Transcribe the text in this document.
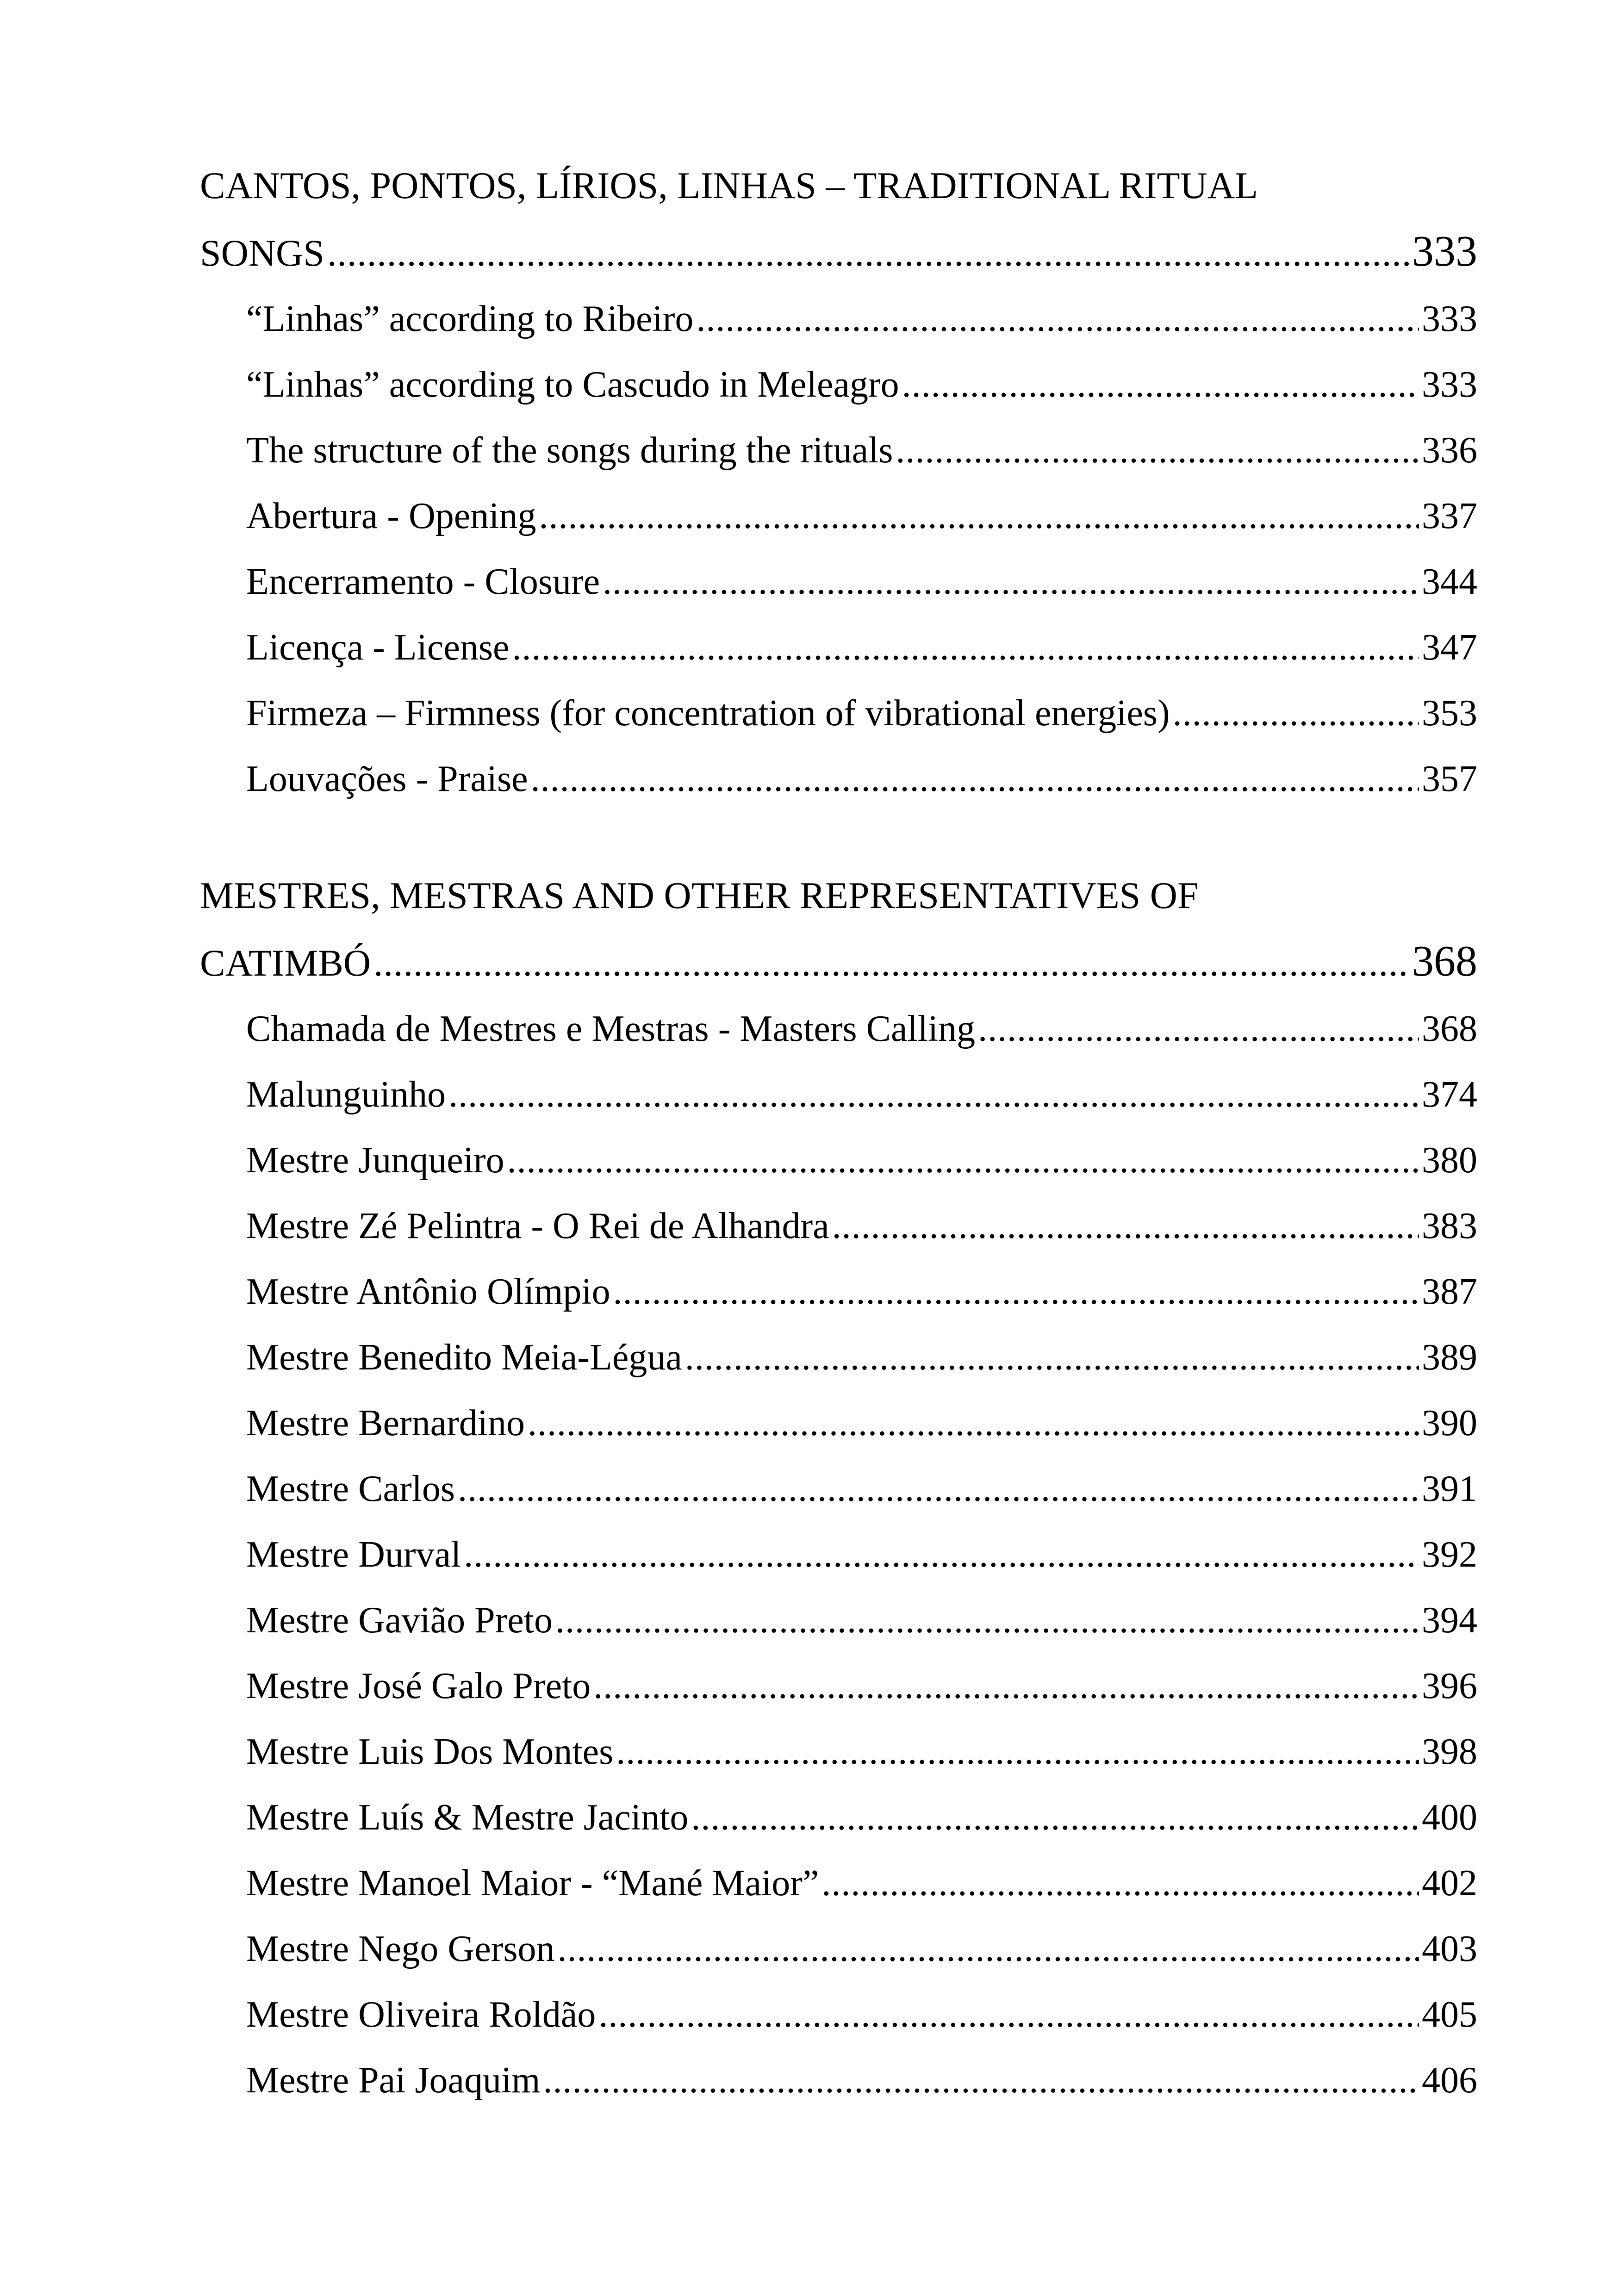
CANTOS, PONTOS, LÍRIOS, LINHAS – TRADITIONAL RITUAL
SONGS .....	333
“Linhas” according to Ribeiro .....	333
“Linhas” according to Cascudo in Meleagro .....	333
The structure of the songs during the rituals .....	336
Abertura - Opening .....	337
Encerramento - Closure .....	344
Licença - License .....	347
Firmeza – Firmness (for concentration of vibrational energies) .....	353
Louvações - Praise .....	357
MESTRES, MESTRAS AND OTHER REPRESENTATIVES OF
CATIMBÓ .....	368
Chamada de Mestres e Mestras - Masters Calling .....	368
Malunguinho .....	374
Mestre Junqueiro .....	380
Mestre Zé Pelintra - O Rei de Alhandra .....	383
Mestre Antônio Olímpio .....	387
Mestre Benedito Meia-Légua .....	389
Mestre Bernardino .....	390
Mestre Carlos .....	391
Mestre Durval .....	392
Mestre Gavião Preto .....	394
Mestre José Galo Preto .....	396
Mestre Luis Dos Montes .....	398
Mestre Luís & Mestre Jacinto .....	400
Mestre Manoel Maior - “Mané Maior” .....	402
Mestre Nego Gerson .....	403
Mestre Oliveira Roldão .....	405
Mestre Pai Joaquim .....	406
